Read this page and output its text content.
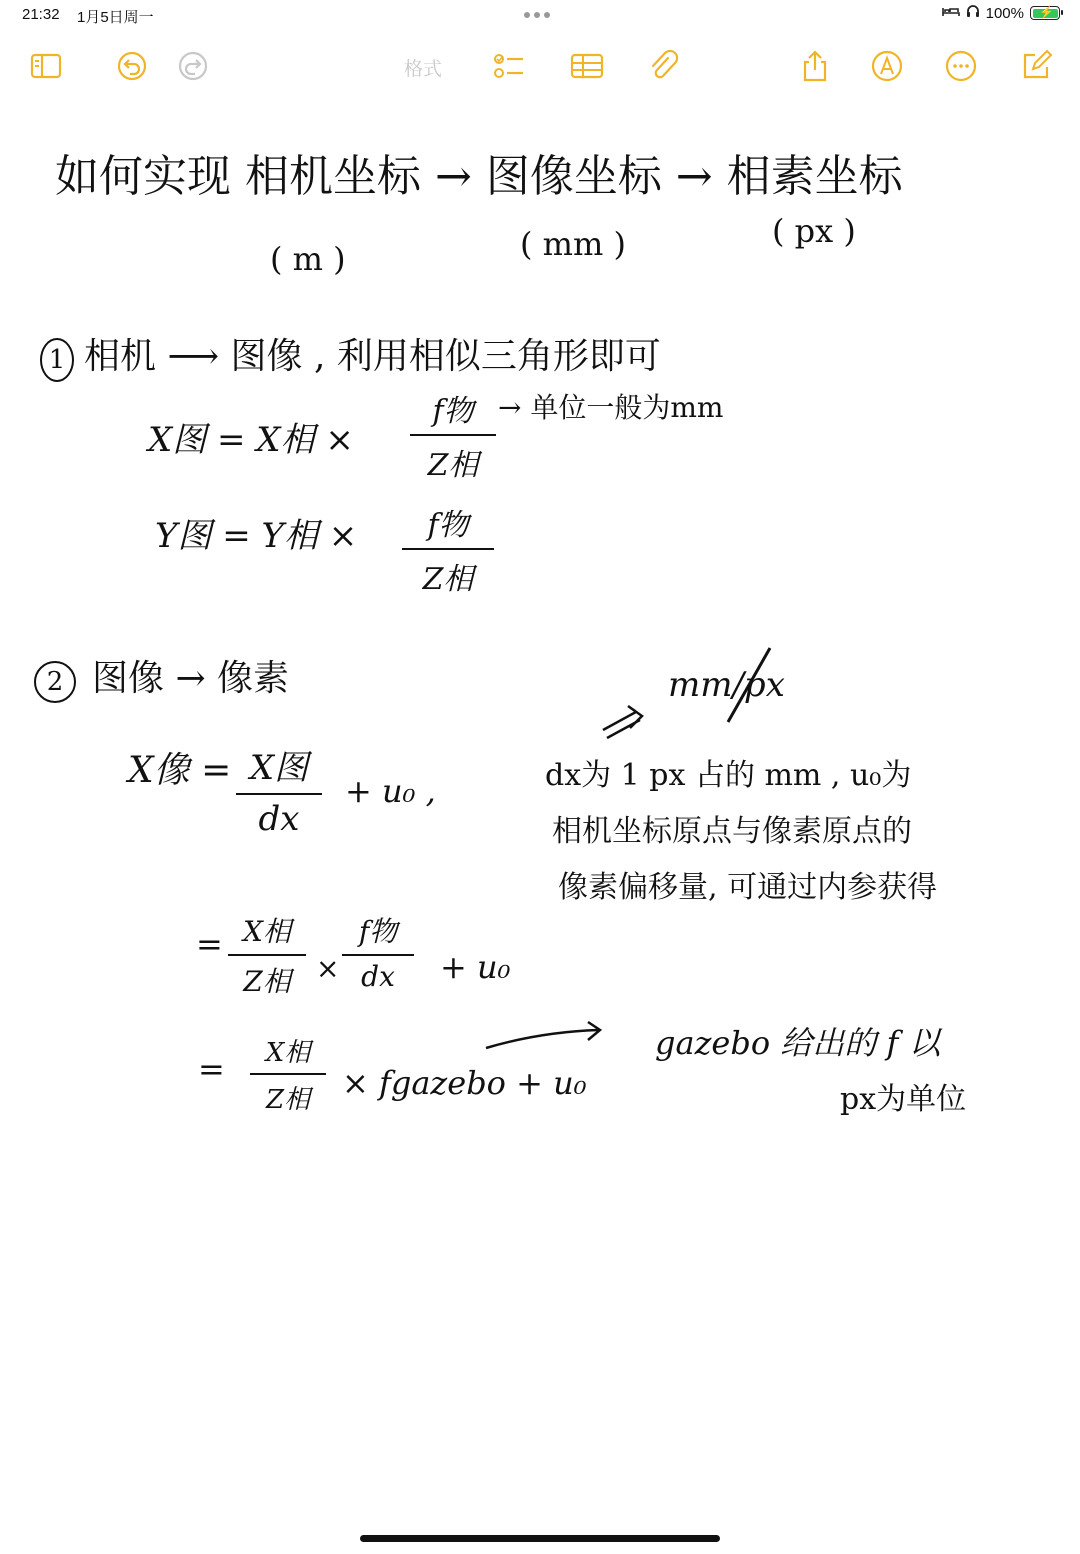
21:32 1月5日周一	100% ⚡
格式
如何实现 相机坐标 → 图像坐标 → 相素坐标
( m )	( mm )	( px )
1 相机 ⟶ 图像 , 利用相似三角形即可
X图 = X相 ×
f物
Z相
→ 单位一般为mm
Y图 = Y相 ×	f物
Z相
2 图像 → 像素	mm/px
X像 = X图
dx
+ u₀ ,	dx为 1 px 占的 mm , u₀为
相机坐标原点与像素原点的
像素偏移量, 可通过内参获得
= X相
Z相 ×
f物
dx	+ u₀
=	X相
Z相 × fgazebo + u₀
gazebo 给出的 f 以
px为单位
